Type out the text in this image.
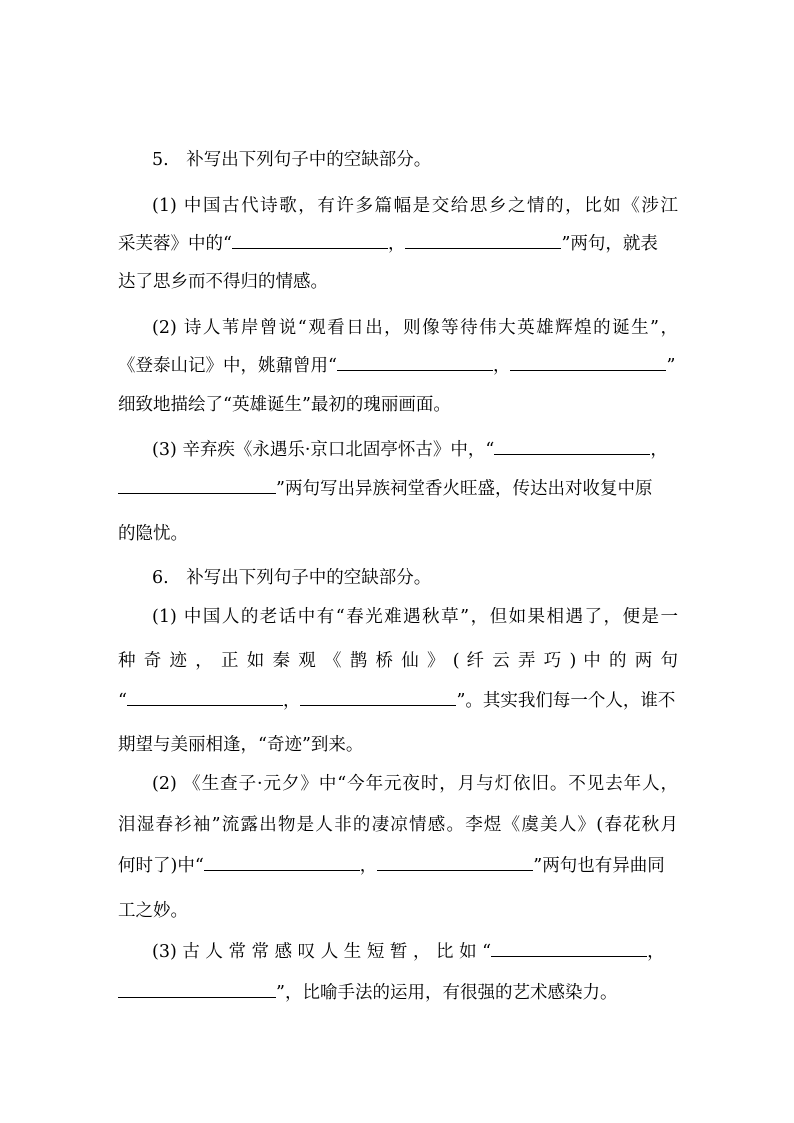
5.　补写出下列句子中的空缺部分。
(1) 中国古代诗歌，有许多篇幅是交给思乡之情的，比如《涉江
采芙蓉》中的“	，	”两句，就表
达了思乡而不得归的情感。
(2) 诗人苇岸曾说“观看日出，则像等待伟大英雄辉煌的诞生”，
《登泰山记》中，姚鼐曾用“	，	”
细致地描绘了“英雄诞生”最初的瑰丽画面。
(3) 辛弃疾《永遇乐·京口北固亭怀古》中，“	，
”两句写出异族祠堂香火旺盛，传达出对收复中原
的隐忧。
6.　补写出下列句子中的空缺部分。
(1) 中国人的老话中有“春光难遇秋草”，但如果相遇了，便是一
种 奇 迹 ， 正 如 秦 观 《 鹊 桥 仙 》 ( 纤 云 弄 巧 ) 中 的 两 句
“	，	”。其实我们每一个人，谁不
期望与美丽相逢，“奇迹”到来。
(2) 《生查子·元夕》中“今年元夜时，月与灯依旧。不见去年人，
泪湿春衫袖”流露出物是人非的凄凉情感。李煜《虞美人》(春花秋月
何时了)中“	，	”两句也有异曲同
工之妙。
(3) 古 人 常 常 感 叹 人 生 短 暂 ， 比 如 “	，
”，比喻手法的运用，有很强的艺术感染力。
